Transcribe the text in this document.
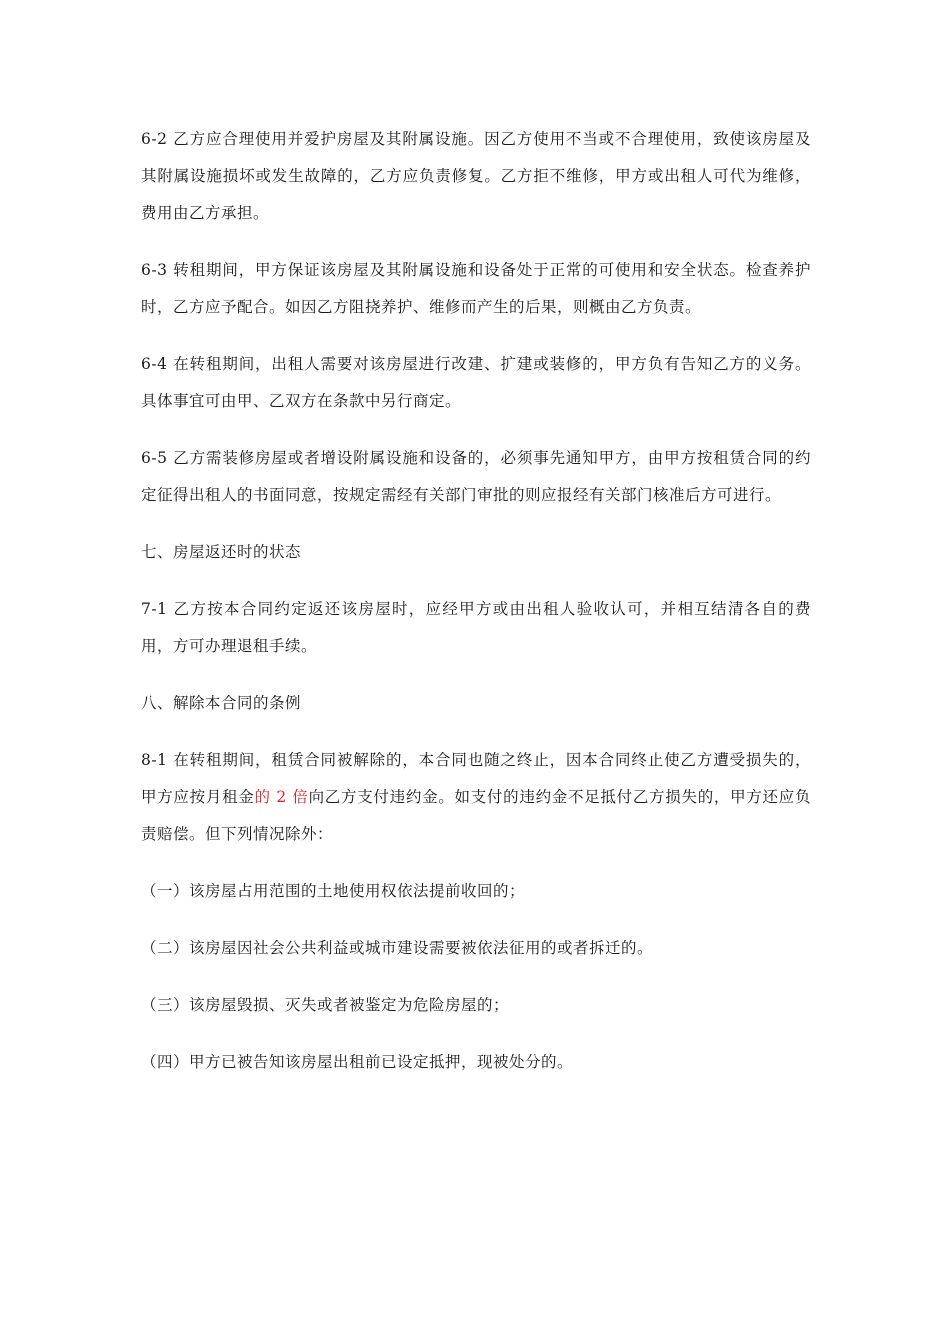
6-2 乙方应合理使用并爱护房屋及其附属设施。因乙方使用不当或不合理使用，致使该房屋及其附属设施损坏或发生故障的，乙方应负责修复。乙方拒不维修，甲方或出租人可代为维修，费用由乙方承担。

6-3 转租期间，甲方保证该房屋及其附属设施和设备处于正常的可使用和安全状态。检查养护时，乙方应予配合。如因乙方阻挠养护、维修而产生的后果，则概由乙方负责。

6-4 在转租期间，出租人需要对该房屋进行改建、扩建或装修的，甲方负有告知乙方的义务。具体事宜可由甲、乙双方在条款中另行商定。

6-5 乙方需装修房屋或者增设附属设施和设备的，必须事先通知甲方，由甲方按租赁合同的约定征得出租人的书面同意，按规定需经有关部门审批的则应报经有关部门核准后方可进行。

七、房屋返还时的状态

7-1 乙方按本合同约定返还该房屋时，应经甲方或由出租人验收认可，并相互结清各自的费用，方可办理退租手续。

八、解除本合同的条例

8-1 在转租期间，租赁合同被解除的，本合同也随之终止，因本合同终止使乙方遭受损失的，甲方应按月租金的 2 倍向乙方支付违约金。如支付的违约金不足抵付乙方损失的，甲方还应负责赔偿。但下列情况除外：

（一）该房屋占用范围的土地使用权依法提前收回的；

（二）该房屋因社会公共利益或城市建设需要被依法征用的或者拆迁的。

（三）该房屋毁损、灭失或者被鉴定为危险房屋的；

（四）甲方已被告知该房屋出租前已设定抵押，现被处分的。
